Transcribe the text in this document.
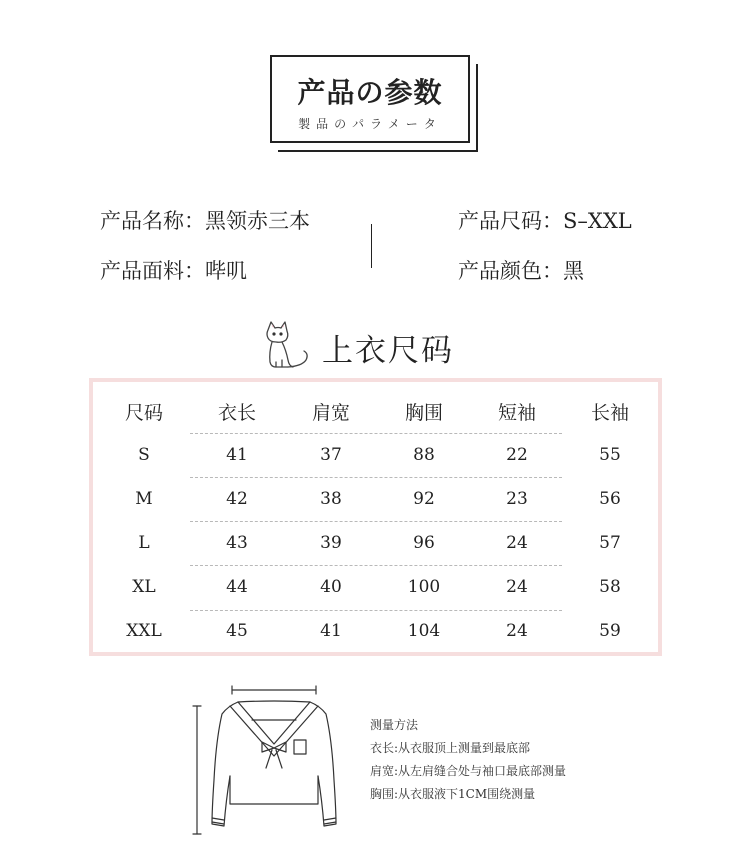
产品の参数
製品のパラメータ
产品名称：黑领赤三本	产品尺码：S–XXL
产品面料：哔叽	产品颜色：黑
上衣尺码
尺码	衣长	肩宽	胸围	短袖	长袖
S	41	37	88	22	55
M	42	38	92	23	56
L	43	39	96	24	57
XL	44	40	100	24	58
XXL	45	41	104	24	59
测量方法
衣长:从衣服顶上测量到最底部
肩宽:从左肩缝合处与袖口最底部测量
胸围:从衣服液下1CM围绕测量
